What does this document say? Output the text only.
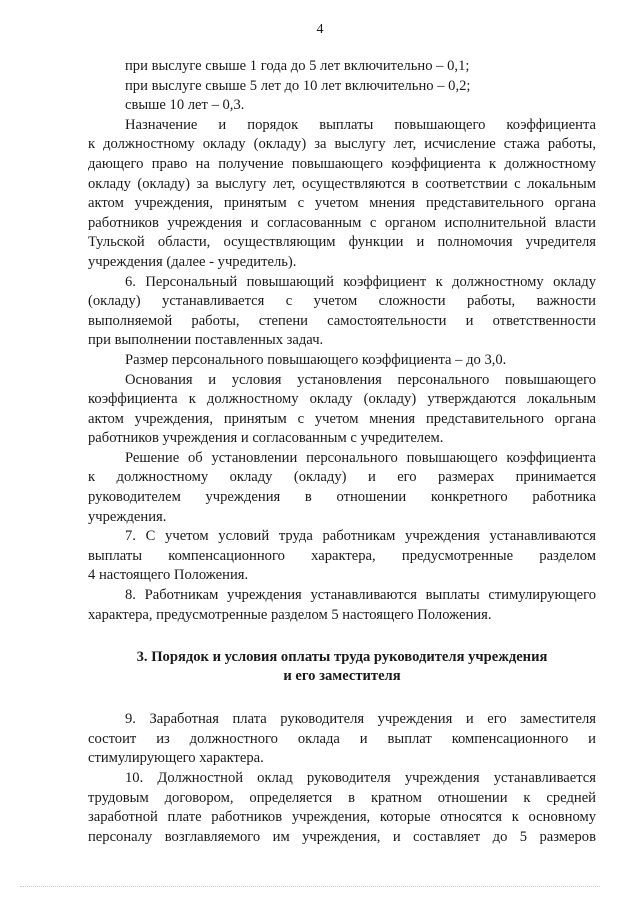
4

при выслуге свыше 1 года до 5 лет включительно – 0,1;

при выслуге свыше 5 лет до 10 лет включительно – 0,2;

свыше 10 лет – 0,3.

Назначение и порядок выплаты повышающего коэффициента

к должностному окладу (окладу) за выслугу лет, исчисление стажа работы,

дающего право на получение повышающего коэффициента к должностному

окладу (окладу) за выслугу лет, осуществляются в соответствии с локальным

актом учреждения, принятым с учетом мнения представительного органа

работников учреждения и согласованным с органом исполнительной власти

Тульской области, осуществляющим функции и полномочия учредителя

учреждения (далее - учредитель).

6. Персональный повышающий коэффициент к должностному окладу

(окладу) устанавливается с учетом сложности работы, важности

выполняемой работы, степени самостоятельности и ответственности

при выполнении поставленных задач.

Размер персонального повышающего коэффициента – до 3,0.

Основания и условия установления персонального повышающего

коэффициента к должностному окладу (окладу) утверждаются локальным

актом учреждения, принятым с учетом мнения представительного органа

работников учреждения и согласованным с учредителем.

Решение об установлении персонального повышающего коэффициента

к должностному окладу (окладу) и его размерах принимается

руководителем учреждения в отношении конкретного работника

учреждения.

7. С учетом условий труда работникам учреждения устанавливаются

выплаты компенсационного характера, предусмотренные разделом

4 настоящего Положения.

8. Работникам учреждения устанавливаются выплаты стимулирующего

характера, предусмотренные разделом 5 настоящего Положения.

3. Порядок и условия оплаты труда руководителя учреждения
и его заместителя

9. Заработная плата руководителя учреждения и его заместителя

состоит из должностного оклада и выплат компенсационного и

стимулирующего характера.

10. Должностной оклад руководителя учреждения устанавливается

трудовым договором, определяется в кратном отношении к средней

заработной плате работников учреждения, которые относятся к основному

персоналу возглавляемого им учреждения, и составляет до 5 размеров
